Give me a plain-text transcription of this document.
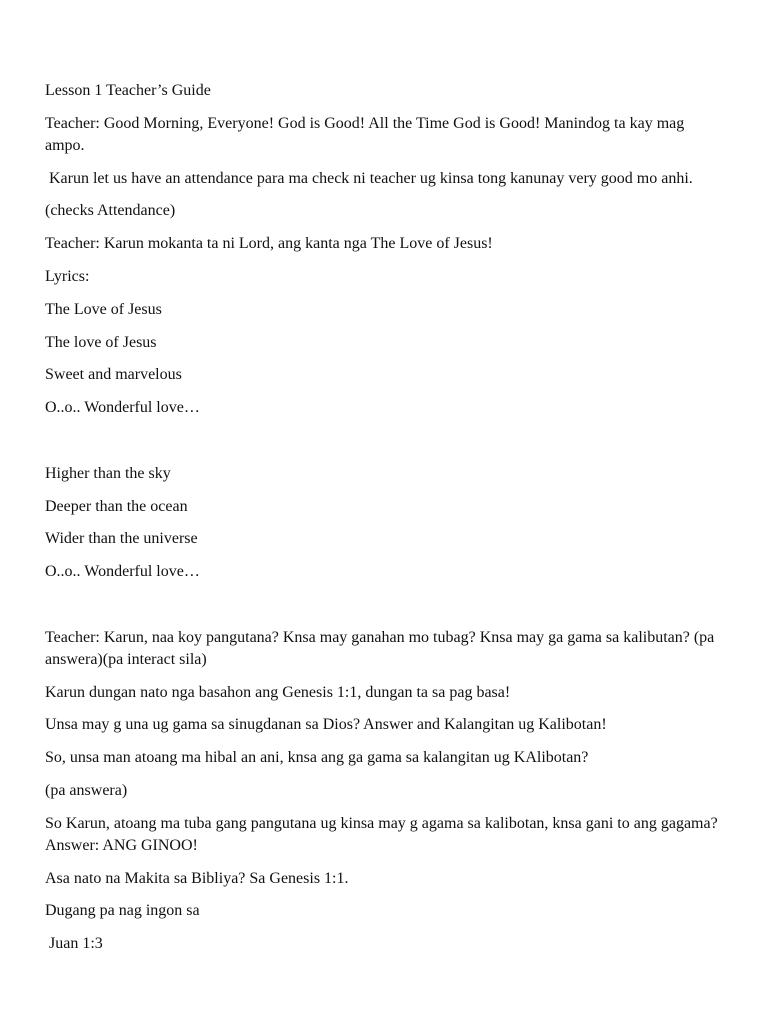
Lesson 1 Teacher’s Guide

Teacher: Good Morning, Everyone! God is Good! All the Time God is Good! Manindog ta kay mag ampo.

Karun let us have an attendance para ma check ni teacher ug kinsa tong kanunay very good mo anhi.

(checks Attendance)

Teacher: Karun mokanta ta ni Lord, ang kanta nga The Love of Jesus!

Lyrics:

The Love of Jesus

The love of Jesus

Sweet and marvelous

O..o.. Wonderful love…

Higher than the sky

Deeper than the ocean

Wider than the universe

O..o.. Wonderful love…

Teacher: Karun, naa koy pangutana? Knsa may ganahan mo tubag? Knsa may ga gama sa kalibutan? (pa answera)(pa interact sila)

Karun dungan nato nga basahon ang Genesis 1:1, dungan ta sa pag basa!

Unsa may g una ug gama sa sinugdanan sa Dios? Answer and Kalangitan ug Kalibotan!

So, unsa man atoang ma hibal an ani, knsa ang ga gama sa kalangitan ug KAlibotan?

(pa answera)

So Karun, atoang ma tuba gang pangutana ug kinsa may g agama sa kalibotan, knsa gani to ang gagama? Answer: ANG GINOO!

Asa nato na Makita sa Bibliya? Sa Genesis 1:1.

Dugang pa nag ingon sa

Juan 1:3
